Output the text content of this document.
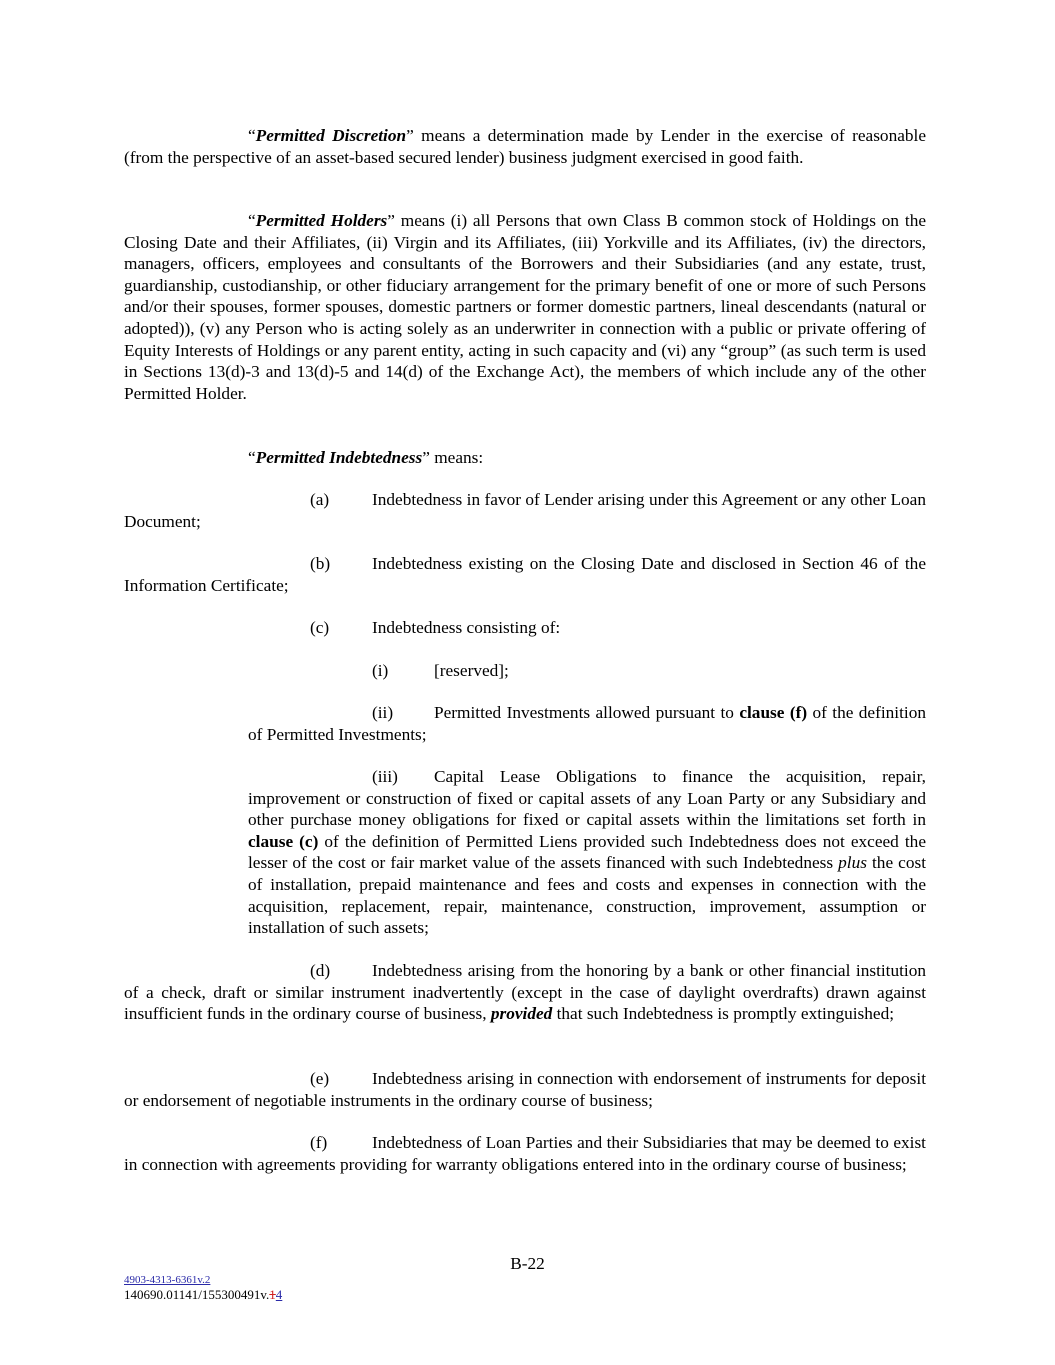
“Permitted Discretion” means a determination made by Lender in the exercise of reasonable (from the perspective of an asset-based secured lender) business judgment exercised in good faith.

“Permitted Holders” means (i) all Persons that own Class B common stock of Holdings on the Closing Date and their Affiliates, (ii) Virgin and its Affiliates, (iii) Yorkville and its Affiliates, (iv) the directors, managers, officers, employees and consultants of the Borrowers and their Subsidiaries (and any estate, trust, guardianship, custodianship, or other fiduciary arrangement for the primary benefit of one or more of such Persons and/or their spouses, former spouses, domestic partners or former domestic partners, lineal descendants (natural or adopted)), (v) any Person who is acting solely as an underwriter in connection with a public or private offering of Equity Interests of Holdings or any parent entity, acting in such capacity and (vi) any “group” (as such term is used in Sections 13(d)-3 and 13(d)-5 and 14(d) of the Exchange Act), the members of which include any of the other Permitted Holder.

“Permitted Indebtedness” means:

(a) Indebtedness in favor of Lender arising under this Agreement or any other Loan Document;

(b) Indebtedness existing on the Closing Date and disclosed in Section 46 of the Information Certificate;

(c) Indebtedness consisting of:

(i)	[reserved];

(ii) Permitted Investments allowed pursuant to clause (f) of the definition of Permitted Investments;

(iii) Capital Lease Obligations to finance the acquisition, repair, improvement or construction of fixed or capital assets of any Loan Party or any Subsidiary and other purchase money obligations for fixed or capital assets within the limitations set forth in clause (c) of the definition of Permitted Liens provided such Indebtedness does not exceed the lesser of the cost or fair market value of the assets financed with such Indebtedness plus the cost of installation, prepaid maintenance and fees and costs and expenses in connection with the acquisition, replacement, repair, maintenance, construction, improvement, assumption or installation of such assets;

(d) Indebtedness arising from the honoring by a bank or other financial institution of a check, draft or similar instrument inadvertently (except in the case of daylight overdrafts) drawn against insufficient funds in the ordinary course of business, provided that such Indebtedness is promptly extinguished;

(e) Indebtedness arising in connection with endorsement of instruments for deposit or endorsement of negotiable instruments in the ordinary course of business;

(f)	Indebtedness of Loan Parties and their Subsidiaries that may be deemed to exist in connection with agreements providing for warranty obligations entered into in the ordinary course of business;

B-22
4903-4313-6361v.2
140690.01141/155300491v.14
